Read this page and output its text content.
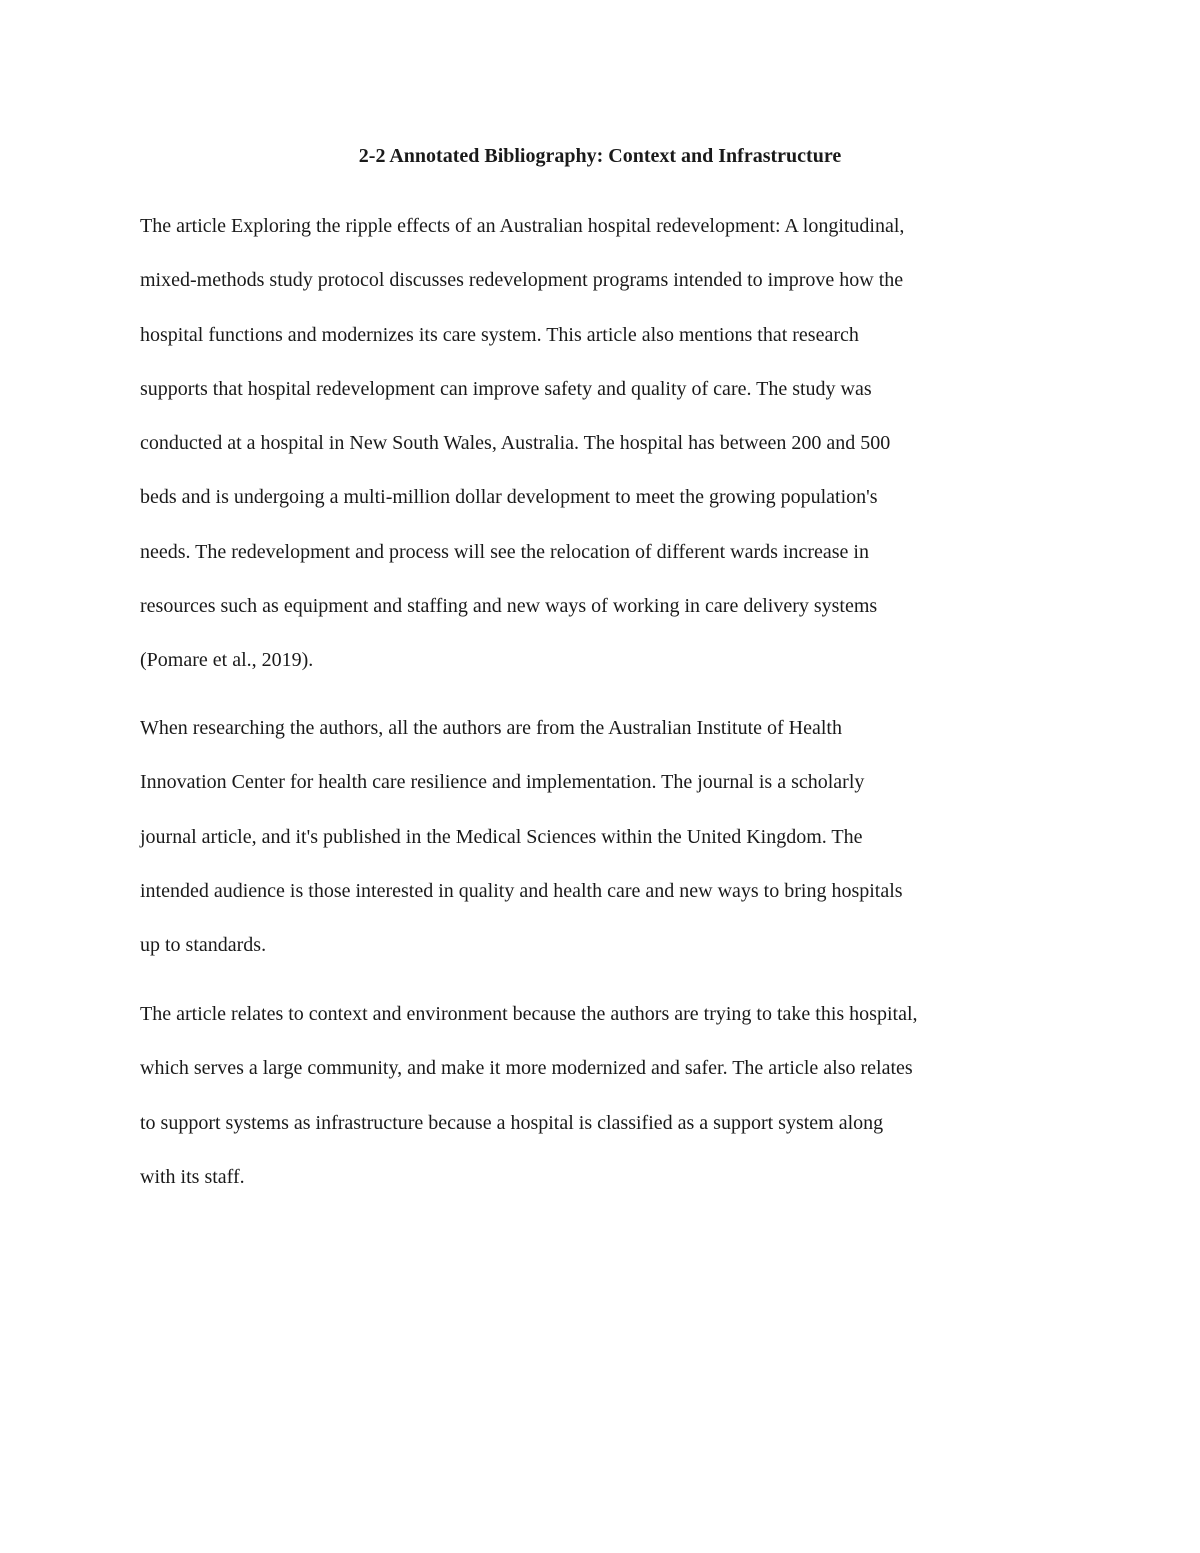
2-2 Annotated Bibliography: Context and Infrastructure
The article Exploring the ripple effects of an Australian hospital redevelopment: A longitudinal,
mixed-methods study protocol discusses redevelopment programs intended to improve how the
hospital functions and modernizes its care system. This article also mentions that research
supports that hospital redevelopment can improve safety and quality of care. The study was
conducted at a hospital in New South Wales, Australia. The hospital has between 200 and 500
beds and is undergoing a multi-million dollar development to meet the growing population's
needs. The redevelopment and process will see the relocation of different wards increase in
resources such as equipment and staffing and new ways of working in care delivery systems
(Pomare et al., 2019).
When researching the authors, all the authors are from the Australian Institute of Health
Innovation Center for health care resilience and implementation. The journal is a scholarly
journal article, and it's published in the Medical Sciences within the United Kingdom. The
intended audience is those interested in quality and health care and new ways to bring hospitals
up to standards.
The article relates to context and environment because the authors are trying to take this hospital,
which serves a large community, and make it more modernized and safer. The article also relates
to support systems as infrastructure because a hospital is classified as a support system along
with its staff.
